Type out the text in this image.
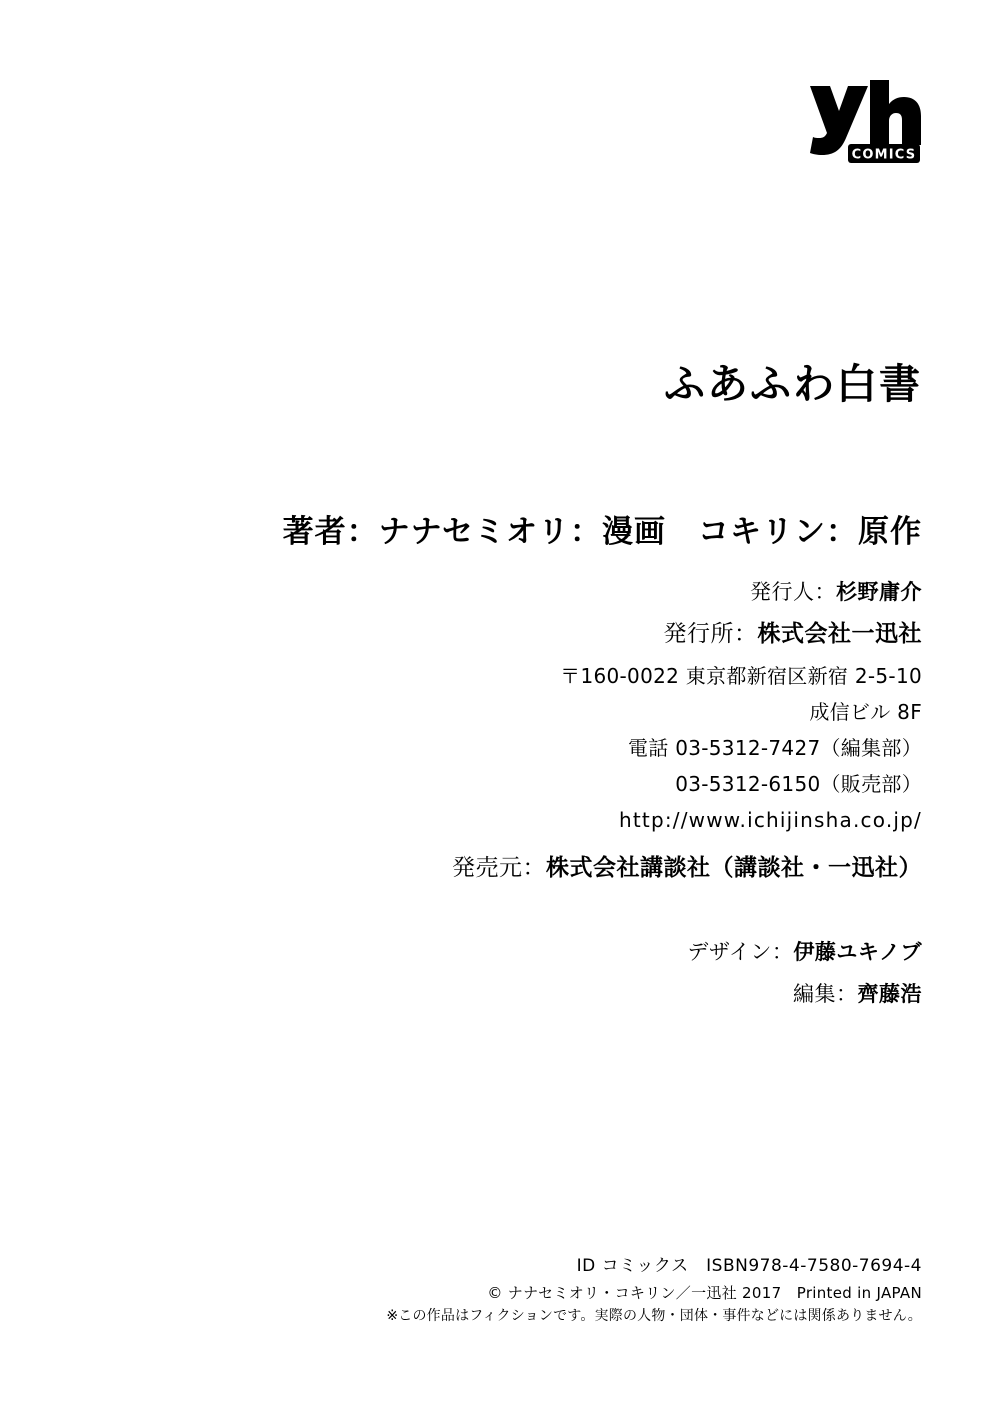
COMICS
ふあふわ白書
著者：ナナセミオリ：漫画　コキリン：原作
発行人：杉野庸介
発行所：株式会社一迅社
〒160-0022 東京都新宿区新宿 2-5-10
成信ビル 8F
電話 03-5312-7427（編集部）
03-5312-6150（販売部）
http://www.ichijinsha.co.jp/
発売元：株式会社講談社（講談社・一迅社）
デザイン：伊藤ユキノブ
編集：齊藤浩
ID コミックス　ISBN978-4-7580-7694-4
© ナナセミオリ・コキリン／一迅社 2017　Printed in JAPAN
※この作品はフィクションです。実際の人物・団体・事件などには関係ありません。
